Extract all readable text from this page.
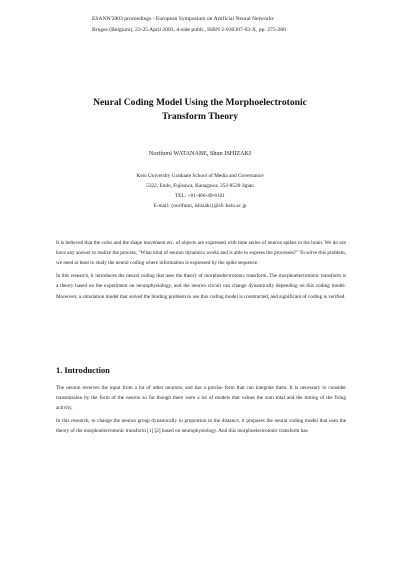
ESANN'2003 proceedings - European Symposium on Artificial Neural Networks
Bruges (Belgium), 23-25 April 2003, d-side publi., ISBN 2-930307-03-X, pp. 275-280
Neural Coding Model Using the Morphoelectrotonic
Transform Theory
Norifumi WATANABE, Shun ISHIZAKI
Keio University Graduate School of Media and Governance
5322, Endo, Fujisawa, Kanagawa, 252-8520 Japan
TEL: +81-466-48-6101
E-mail: {norifumi, ishizaki}@sfc.keio.ac.jp

It is believed that the color and the shape movement etc. of objects are expressed with time series of neuron spikes in the brain. We do not have any answer to realize the process, "What kind of neuron dynamics works and is able to express the processes?" To solve this problem, we need at least to study the neural coding where information is expressed by the spike sequence.

In this research, it introduces the neural coding that uses the theory of morphoelectrotonic transform. The morphoelectrotonic transform is a theory based on the experiment on neurophysiology, and the neuron circuit can change dynamically depending on this coding model. Moreover, a simulation model that solved the binding problem to use this coding model is constructed, and significant of coding is verified.

1. Introduction

The neuron receives the input from a lot of other neurons, and has a precise form that can integrate them. It is necessary to consider transmission by the form of the neuron so far though there were a lot of models that values the sum total and the timing of the firing activity.

In this research, to change the neuron group dynamically in proportion to the distance, it proposes the neural coding model that uses the theory of the morphoelectrotonic transform [1] [2] based on neurophysiology. And this morphoelectrotonic transform has
